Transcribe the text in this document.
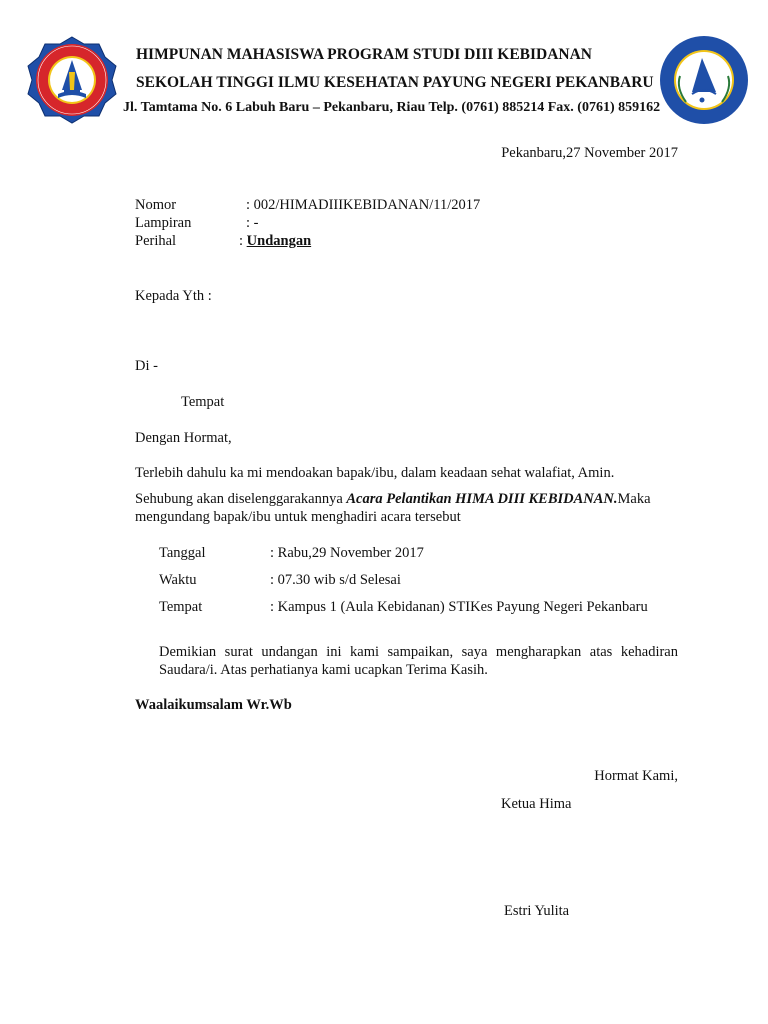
HIMPUNAN MAHASISWA PROGRAM STUDI DIII KEBIDANAN
SEKOLAH TINGGI ILMU KESEHATAN PAYUNG NEGERI PEKANBARU
Jl. Tamtama No. 6 Labuh Baru – Pekanbaru, Riau Telp. (0761) 885214 Fax. (0761) 859162
Pekanbaru,27 November 2017
Nomor	: 002/HIMADIIIKEBIDANAN/11/2017
Lampiran	: -
Perihal	: Undangan
Kepada Yth :
Di -
Tempat
Dengan Hormat,
Terlebih dahulu ka mi mendoakan bapak/ibu, dalam keadaan sehat walafiat, Amin.
Sehubung akan diselenggarakannya Acara Pelantikan HIMA DIII KEBIDANAN.Maka
mengundang bapak/ibu untuk menghadiri acara tersebut
Tanggal	: Rabu,29 November 2017
Waktu	: 07.30 wib s/d Selesai
Tempat	: Kampus 1 (Aula Kebidanan) STIKes Payung Negeri Pekanbaru
Demikian surat undangan ini kami sampaikan, saya mengharapkan atas kehadiran Saudara/i. Atas perhatianya kami ucapkan Terima Kasih.
Waalaikumsalam Wr.Wb
Hormat Kami,
Ketua Hima
Estri Yulita
